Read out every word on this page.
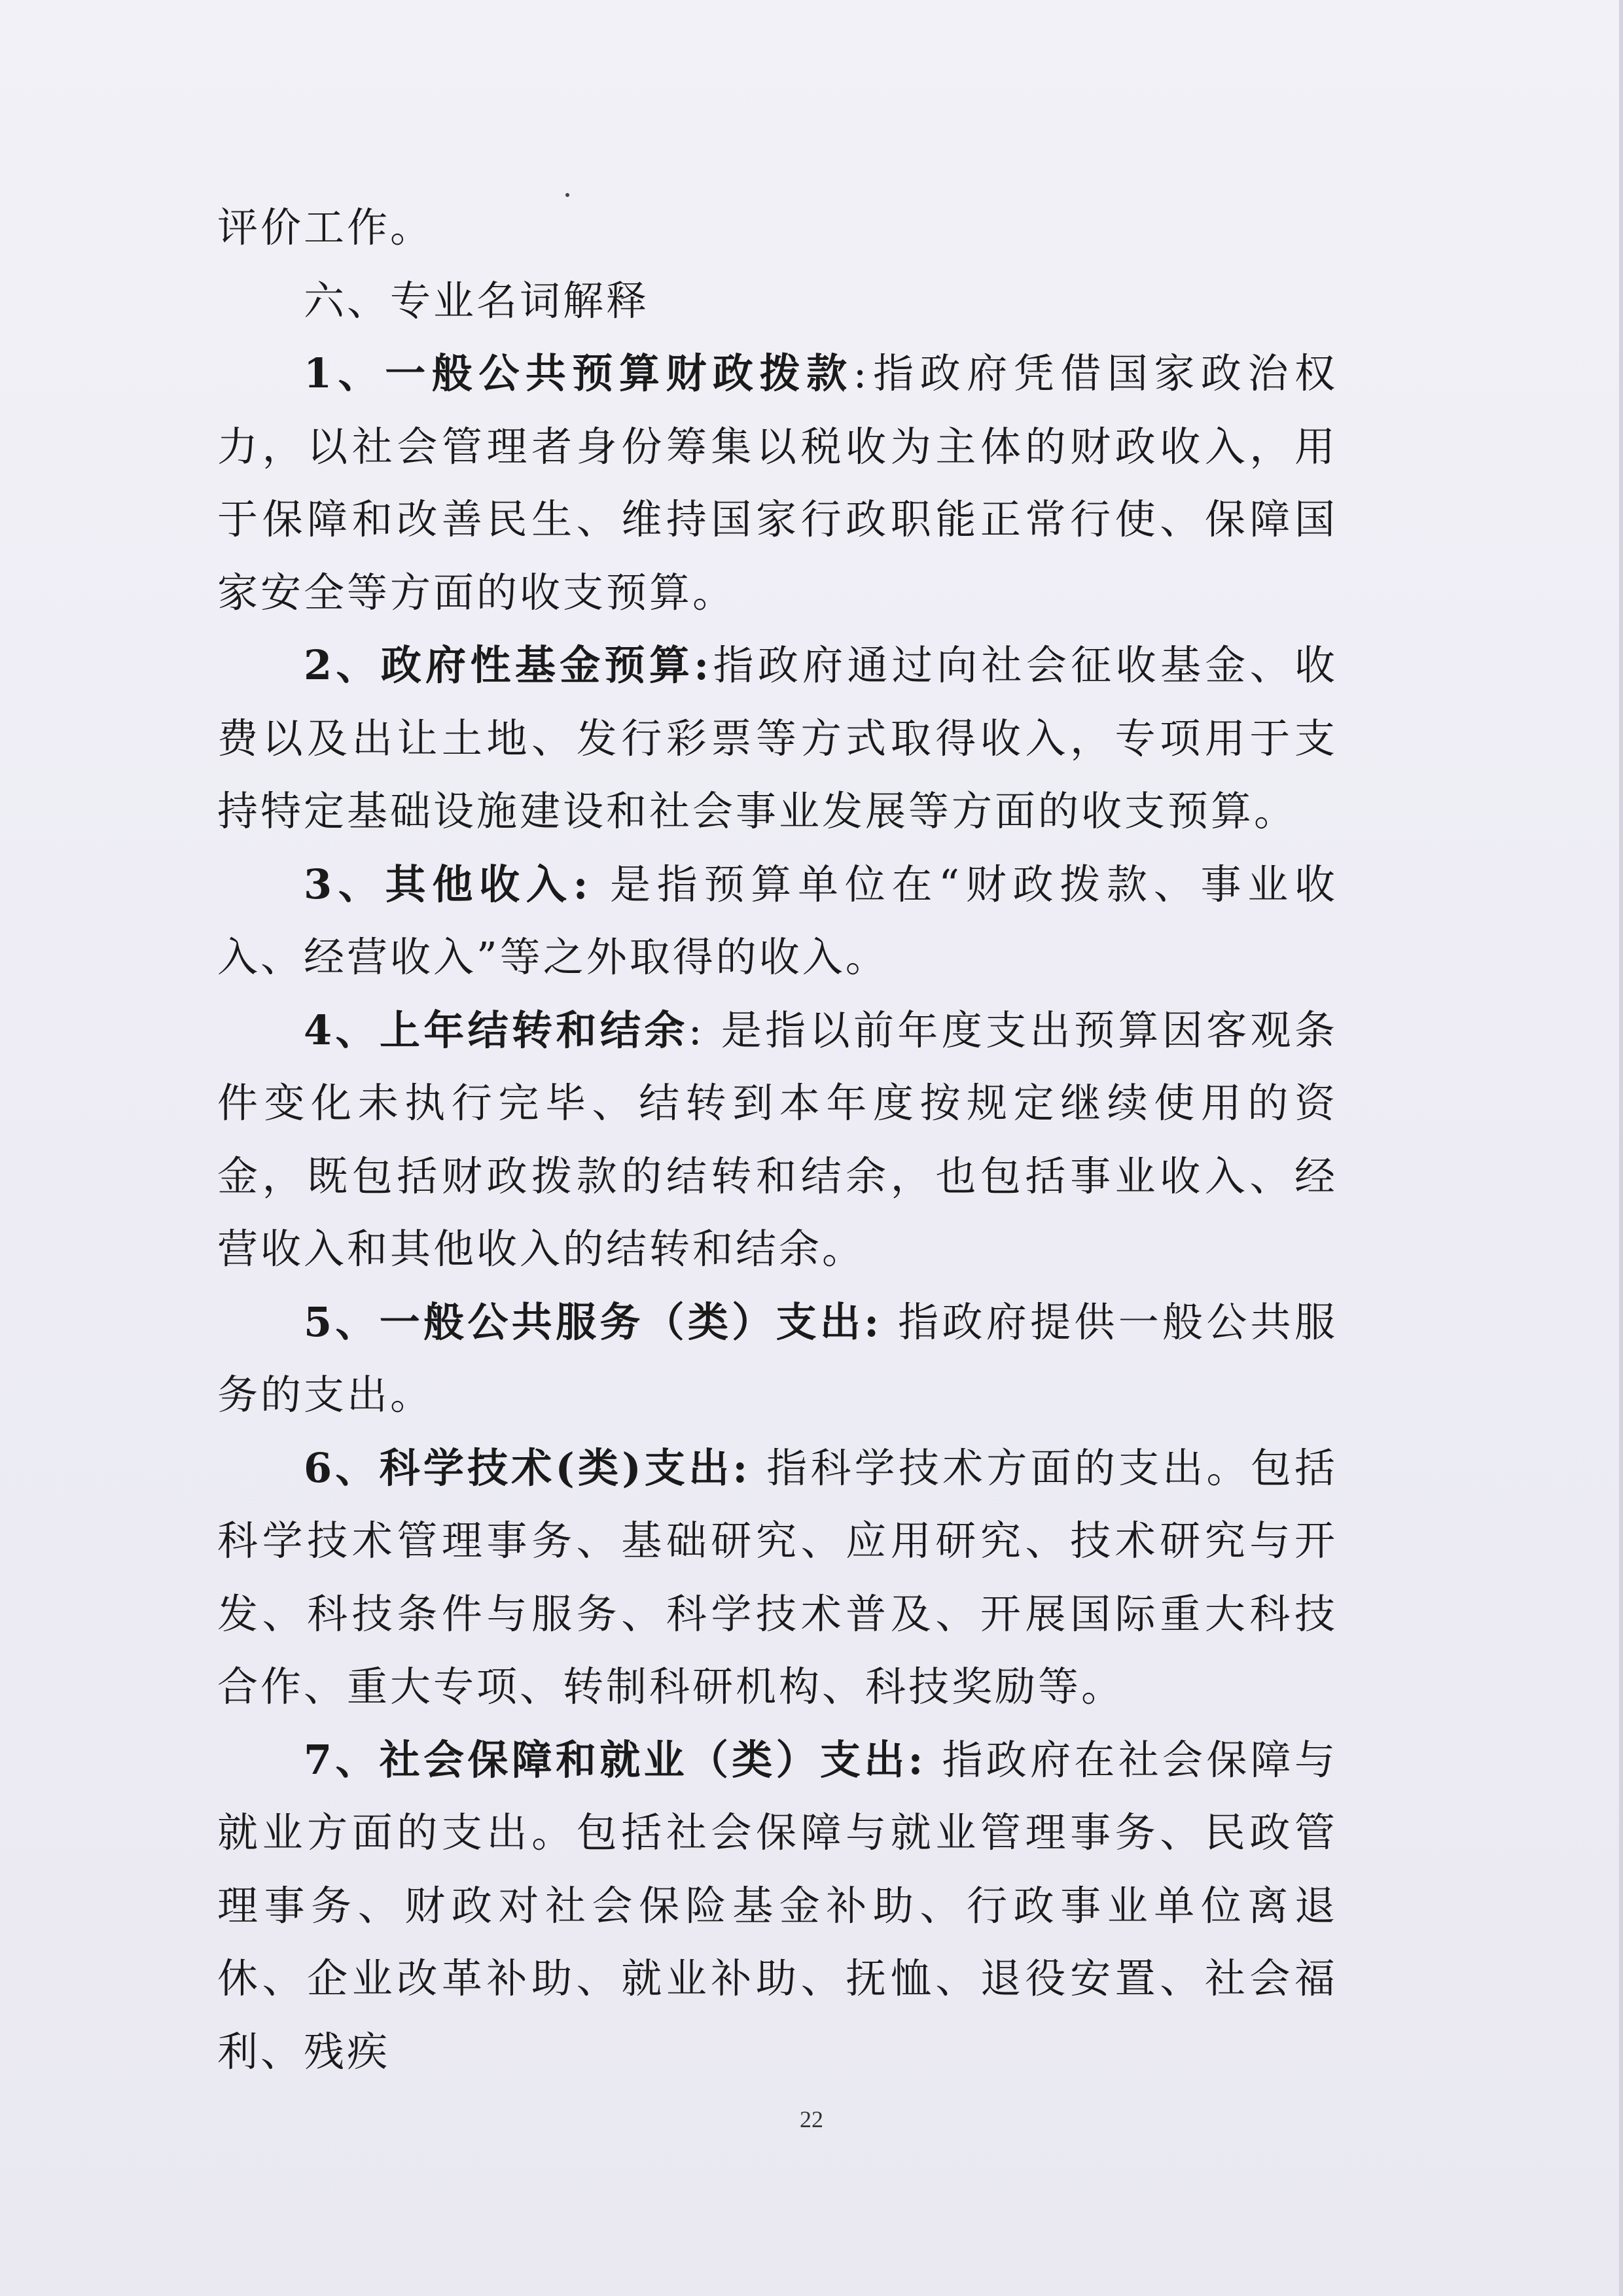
评价工作。

六、专业名词解释

1、一般公共预算财政拨款:指政府凭借国家政治权力，以社会管理者身份筹集以税收为主体的财政收入，用于保障和改善民生、维持国家行政职能正常行使、保障国家安全等方面的收支预算。

2、政府性基金预算:指政府通过向社会征收基金、收费以及出让土地、发行彩票等方式取得收入，专项用于支持特定基础设施建设和社会事业发展等方面的收支预算。

3、其他收入: 是指预算单位在“财政拨款、事业收入、经营收入”等之外取得的收入。

4、上年结转和结余: 是指以前年度支出预算因客观条件变化未执行完毕、结转到本年度按规定继续使用的资金，既包括财政拨款的结转和结余，也包括事业收入、经营收入和其他收入的结转和结余。

5、一般公共服务（类）支出: 指政府提供一般公共服务的支出。

6、科学技术(类)支出: 指科学技术方面的支出。包括科学技术管理事务、基础研究、应用研究、技术研究与开发、科技条件与服务、科学技术普及、开展国际重大科技合作、重大专项、转制科研机构、科技奖励等。

7、社会保障和就业（类）支出: 指政府在社会保障与就业方面的支出。包括社会保障与就业管理事务、民政管理事务、财政对社会保险基金补助、行政事业单位离退休、企业改革补助、就业补助、抚恤、退役安置、社会福利、残疾

22
